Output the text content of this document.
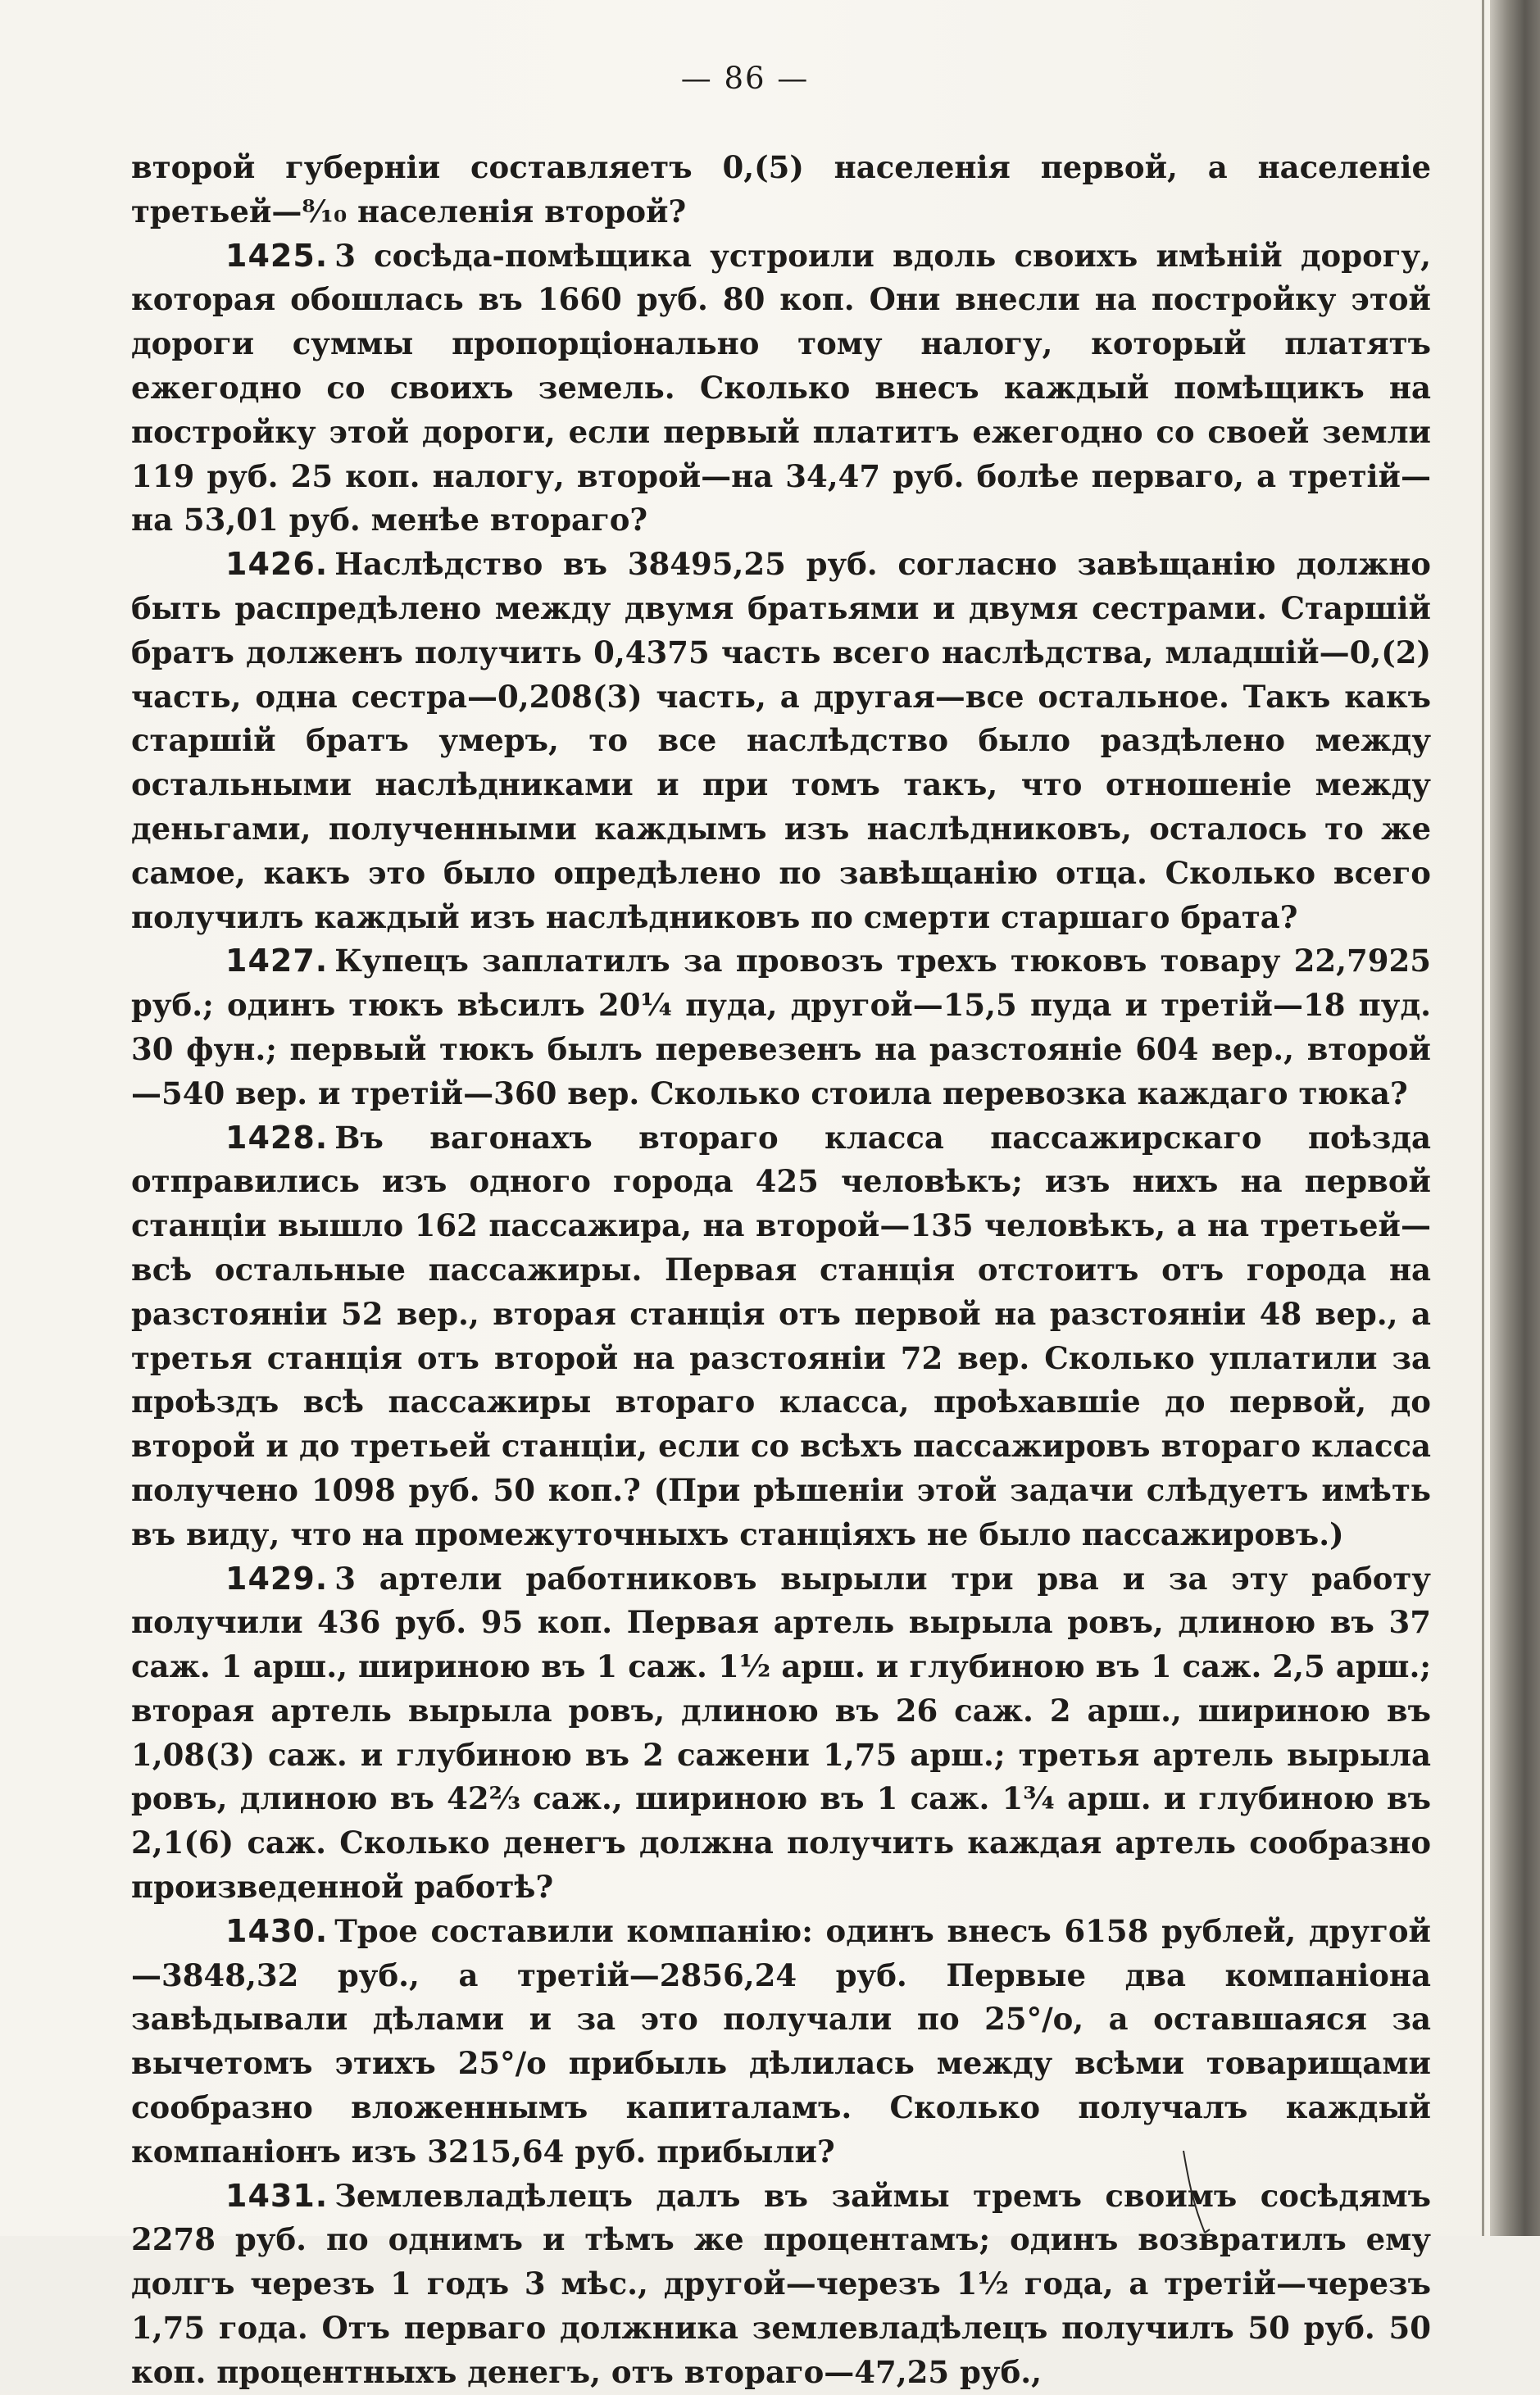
— 86 —

второй губерніи составляетъ 0,(5) населенія первой, а населеніе третьей—⁸⁄₁₀ населенія второй?

1425. 3 сосѣда-помѣщика устроили вдоль своихъ имѣній дорогу, которая обошлась въ 1660 руб. 80 коп. Они внесли на постройку этой дороги суммы пропорціонально тому налогу, который платятъ ежегодно со своихъ земель. Сколько внесъ каждый помѣщикъ на постройку этой дороги, если первый платитъ ежегодно со своей земли 119 руб. 25 коп. налогу, второй—на 34,47 руб. болѣе перваго, а третій—на 53,01 руб. менѣе втораго?

1426. Наслѣдство въ 38495,25 руб. согласно завѣщанію должно быть распредѣлено между двумя братьями и двумя сестрами. Старшій братъ долженъ получить 0,4375 часть всего наслѣдства, младшій—0,(2) часть, одна сестра—0,208(3) часть, а другая—все остальное. Такъ какъ старшій братъ умеръ, то все наслѣдство было раздѣлено между остальными наслѣдниками и при томъ такъ, что отношеніе между деньгами, полученными каждымъ изъ наслѣдниковъ, осталось то же самое, какъ это было опредѣлено по завѣщанію отца. Сколько всего получилъ каждый изъ наслѣдниковъ по смерти старшаго брата?

1427. Купецъ заплатилъ за провозъ трехъ тюковъ товару 22,7925 руб.; одинъ тюкъ вѣсилъ 20¼ пуда, другой—15,5 пуда и третій—18 пуд. 30 фун.; первый тюкъ былъ перевезенъ на разстояніе 604 вер., второй—540 вер. и третій—360 вер. Сколько стоила перевозка каждаго тюка?

1428. Въ вагонахъ втораго класса пассажирскаго поѣзда отправились изъ одного города 425 человѣкъ; изъ нихъ на первой станціи вышло 162 пассажира, на второй—135 человѣкъ, а на третьей—всѣ остальные пассажиры. Первая станція отстоитъ отъ города на разстояніи 52 вер., вторая станція отъ первой на разстояніи 48 вер., а третья станція отъ второй на разстояніи 72 вер. Сколько уплатили за проѣздъ всѣ пассажиры втораго класса, проѣхавшіе до первой, до второй и до третьей станціи, если со всѣхъ пассажировъ втораго класса получено 1098 руб. 50 коп.? (При рѣшеніи этой задачи слѣдуетъ имѣть въ виду, что на промежуточныхъ станціяхъ не было пассажировъ.)

1429. 3 артели работниковъ вырыли три рва и за эту работу получили 436 руб. 95 коп. Первая артель вырыла ровъ, длиною въ 37 саж. 1 арш., шириною въ 1 саж. 1½ арш. и глубиною въ 1 саж. 2,5 арш.; вторая артель вырыла ровъ, длиною въ 26 саж. 2 арш., шириною въ 1,08(3) саж. и глубиною въ 2 сажени 1,75 арш.; третья артель вырыла ровъ, длиною въ 42⅔ саж., шириною въ 1 саж. 1¾ арш. и глубиною въ 2,1(6) саж. Сколько денегъ должна получить каждая артель сообразно произведенной работѣ?

1430. Трое составили компанію: одинъ внесъ 6158 рублей, другой—3848,32 руб., а третій—2856,24 руб. Первые два компаніона завѣдывали дѣлами и за это получали по 25°/о, а оставшаяся за вычетомъ этихъ 25°/о прибыль дѣлилась между всѣми товарищами сообразно вложеннымъ капиталамъ. Сколько получалъ каждый компаніонъ изъ 3215,64 руб. прибыли?

1431. Землевладѣлецъ далъ въ займы тремъ своимъ сосѣдямъ 2278 руб. по однимъ и тѣмъ же процентамъ; одинъ возвратилъ ему долгъ черезъ 1 годъ 3 мѣс., другой—черезъ 1½ года, а третій—черезъ 1,75 года. Отъ перваго должника землевладѣлецъ получилъ 50 руб. 50 коп. процентныхъ денегъ, отъ втораго—47,25 руб.,
